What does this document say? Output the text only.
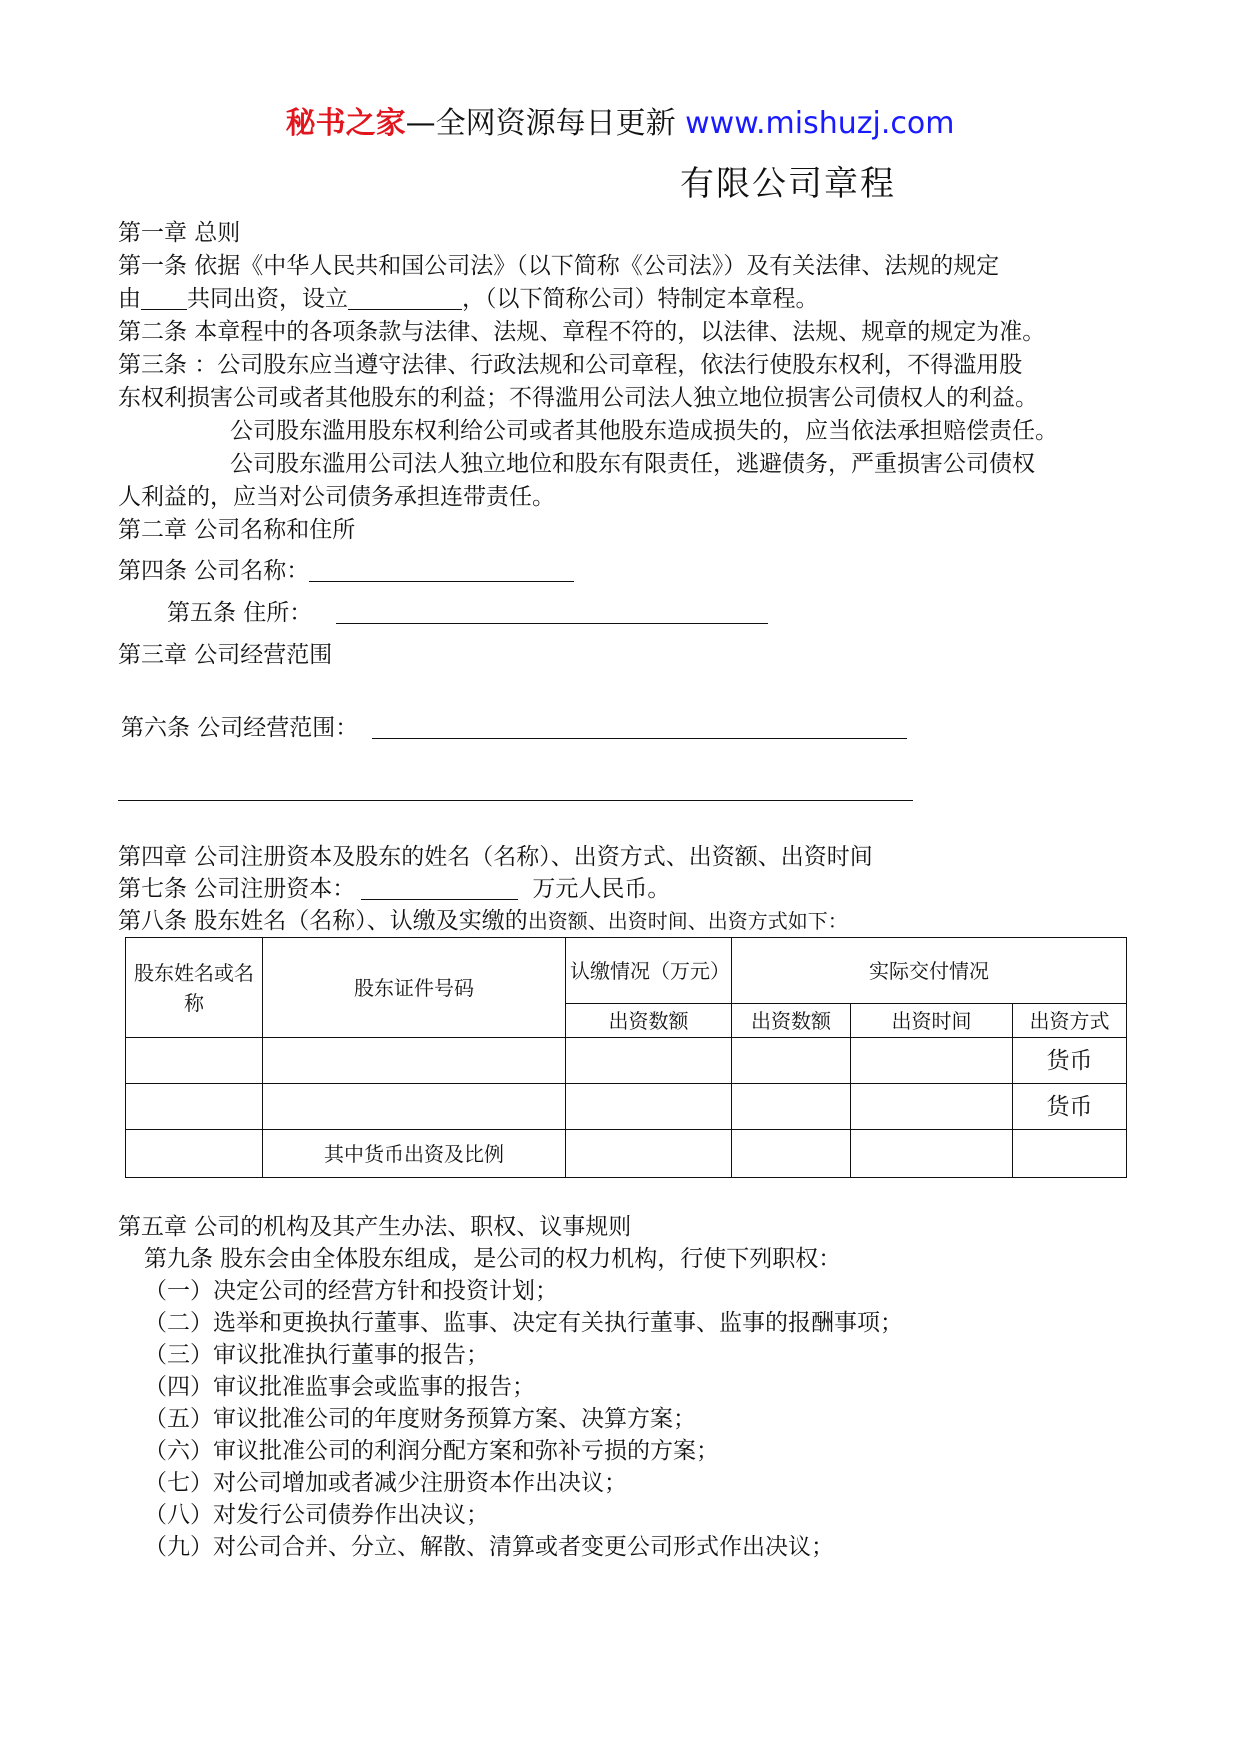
秘书之家—全网资源每日更新 www.mishuzj.com
有限公司章程
第一章 总则
第一条 依据《中华人民共和国公司法》（以下简称《公司法》）及有关法律、法规的规定
由 共同出资，设立	，（以下简称公司）特制定本章程。
第二条 本章程中的各项条款与法律、法规、章程不符的，以法律、法规、规章的规定为准。
第三条 ：公司股东应当遵守法律、行政法规和公司章程，依法行使股东权利，不得滥用股
东权利损害公司或者其他股东的利益；不得滥用公司法人独立地位损害公司债权人的利益。
公司股东滥用股东权利给公司或者其他股东造成损失的，应当依法承担赔偿责任。
公司股东滥用公司法人独立地位和股东有限责任，逃避债务，严重损害公司债权
人利益的，应当对公司债务承担连带责任。
第二章 公司名称和住所
第四条 公司名称：
第五条 住所：
第三章 公司经营范围
第六条 公司经营范围：
第四章 公司注册资本及股东的姓名（名称）、出资方式、出资额、出资时间
第七条 公司注册资本：	万元人民币。
第八条 股东姓名（名称）、认缴及实缴的出资额、出资时间、出资方式如下：
股东姓名或名称	股东证件号码	认缴情况（万元）	实际交付情况		
		出资数额	出资数额	出资时间	出资方式
					货币
					货币
	其中货币出资及比例				
第五章 公司的机构及其产生办法、职权、议事规则
第九条 股东会由全体股东组成，是公司的权力机构，行使下列职权：
（一）决定公司的经营方针和投资计划；
（二）选举和更换执行董事、监事、决定有关执行董事、监事的报酬事项；
（三）审议批准执行董事的报告；
（四）审议批准监事会或监事的报告；
（五）审议批准公司的年度财务预算方案、决算方案；
（六）审议批准公司的利润分配方案和弥补亏损的方案；
（七）对公司增加或者减少注册资本作出决议；
（八）对发行公司债券作出决议；
（九）对公司合并、分立、解散、清算或者变更公司形式作出决议；
